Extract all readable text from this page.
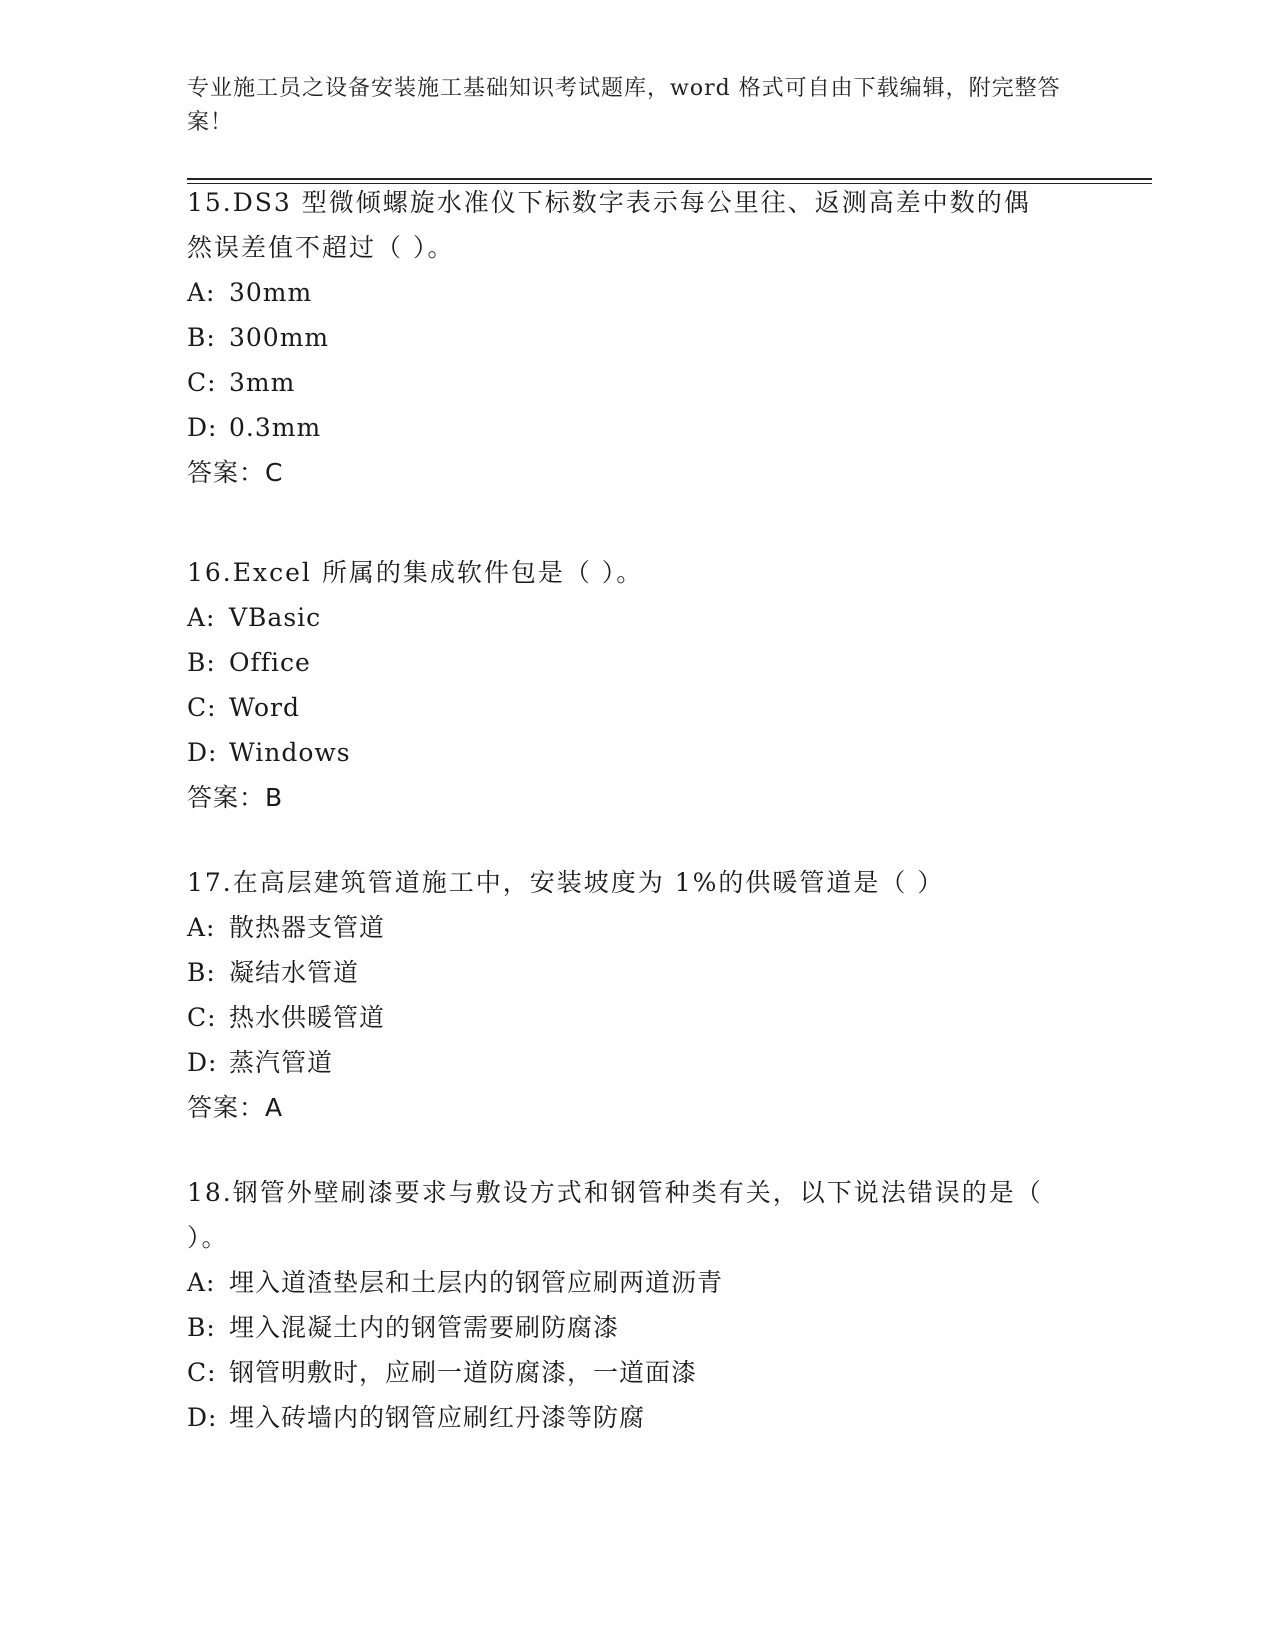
专业施工员之设备安装施工基础知识考试题库，word 格式可自由下载编辑，附完整答案！
15.DS3 型微倾螺旋水准仪下标数字表示每公里往、返测高差中数的偶然误差值不超过（ ）。
A: 30mm
B: 300mm
C: 3mm
D: 0.3mm
答案：C
16.Excel 所属的集成软件包是（ ）。
A: VBasic
B: Office
C: Word
D: Windows
答案：B
17.在高层建筑管道施工中，安装坡度为 1%的供暖管道是（ ）
A: 散热器支管道
B: 凝结水管道
C: 热水供暖管道
D: 蒸汽管道
答案：A
18.钢管外壁刷漆要求与敷设方式和钢管种类有关，以下说法错误的是（ ）。
A: 埋入道渣垫层和土层内的钢管应刷两道沥青
B: 埋入混凝土内的钢管需要刷防腐漆
C: 钢管明敷时，应刷一道防腐漆，一道面漆
D: 埋入砖墙内的钢管应刷红丹漆等防腐
